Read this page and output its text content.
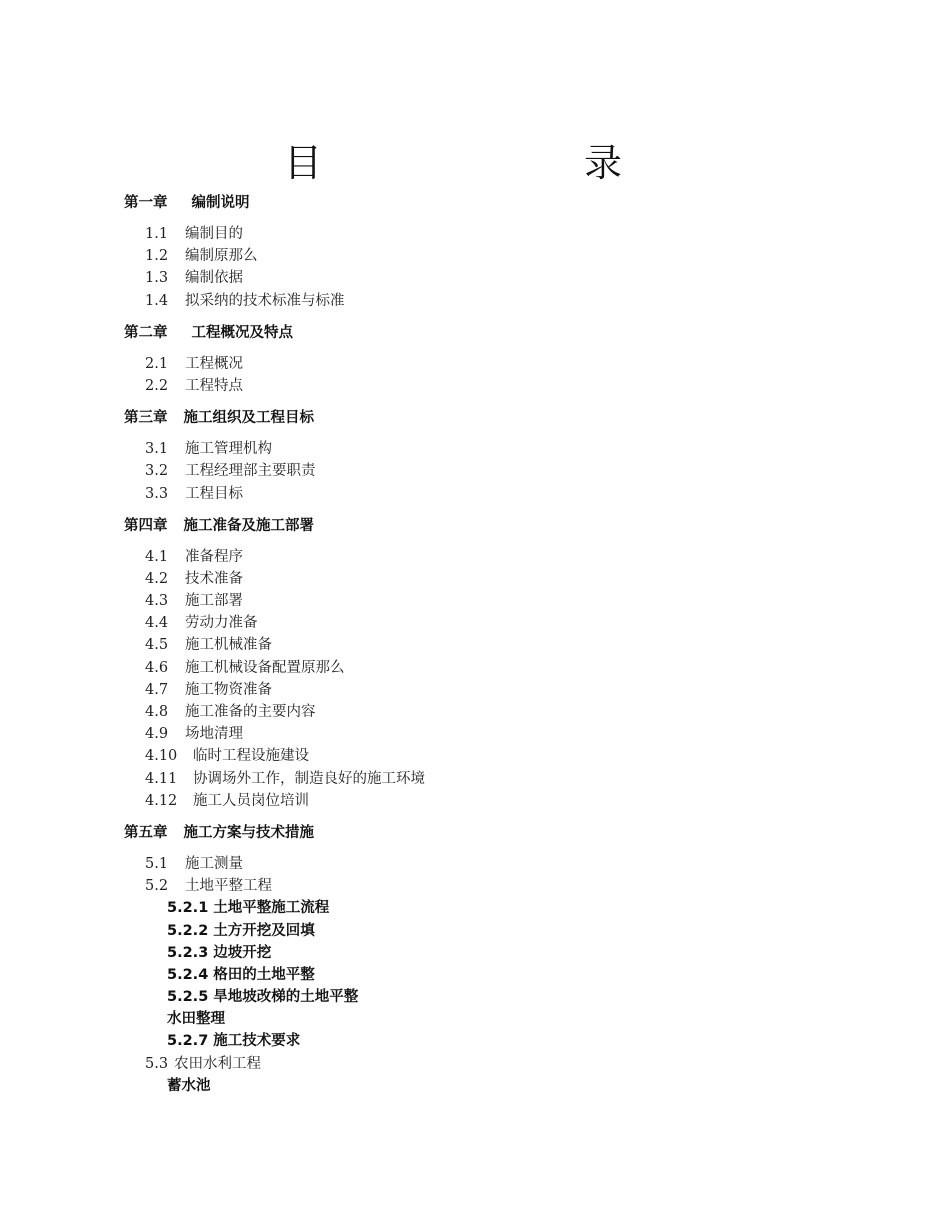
目　　录
第一章 编制说明
1.1 编制目的
1.2 编制原那么
1.3 编制依据
1.4 拟采纳的技术标准与标准
第二章 工程概况及特点
2.1 工程概况
2.2 工程特点
第三章 施工组织及工程目标
3.1 施工管理机构
3.2 工程经理部主要职责
3.3 工程目标
第四章 施工准备及施工部署
4.1 准备程序
4.2 技术准备
4.3 施工部署
4.4 劳动力准备
4.5 施工机械准备
4.6 施工机械设备配置原那么
4.7 施工物资准备
4.8 施工准备的主要内容
4.9 场地清理
4.10 临时工程设施建设
4.11 协调场外工作，制造良好的施工环境
4.12 施工人员岗位培训
第五章 施工方案与技术措施
5.1 施工测量
5.2 土地平整工程
5.2.1 土地平整施工流程
5.2.2 土方开挖及回填
5.2.3 边坡开挖
5.2.4 格田的土地平整
5.2.5 旱地坡改梯的土地平整
水田整理
5.2.7 施工技术要求
5.3 农田水利工程
蓄水池
